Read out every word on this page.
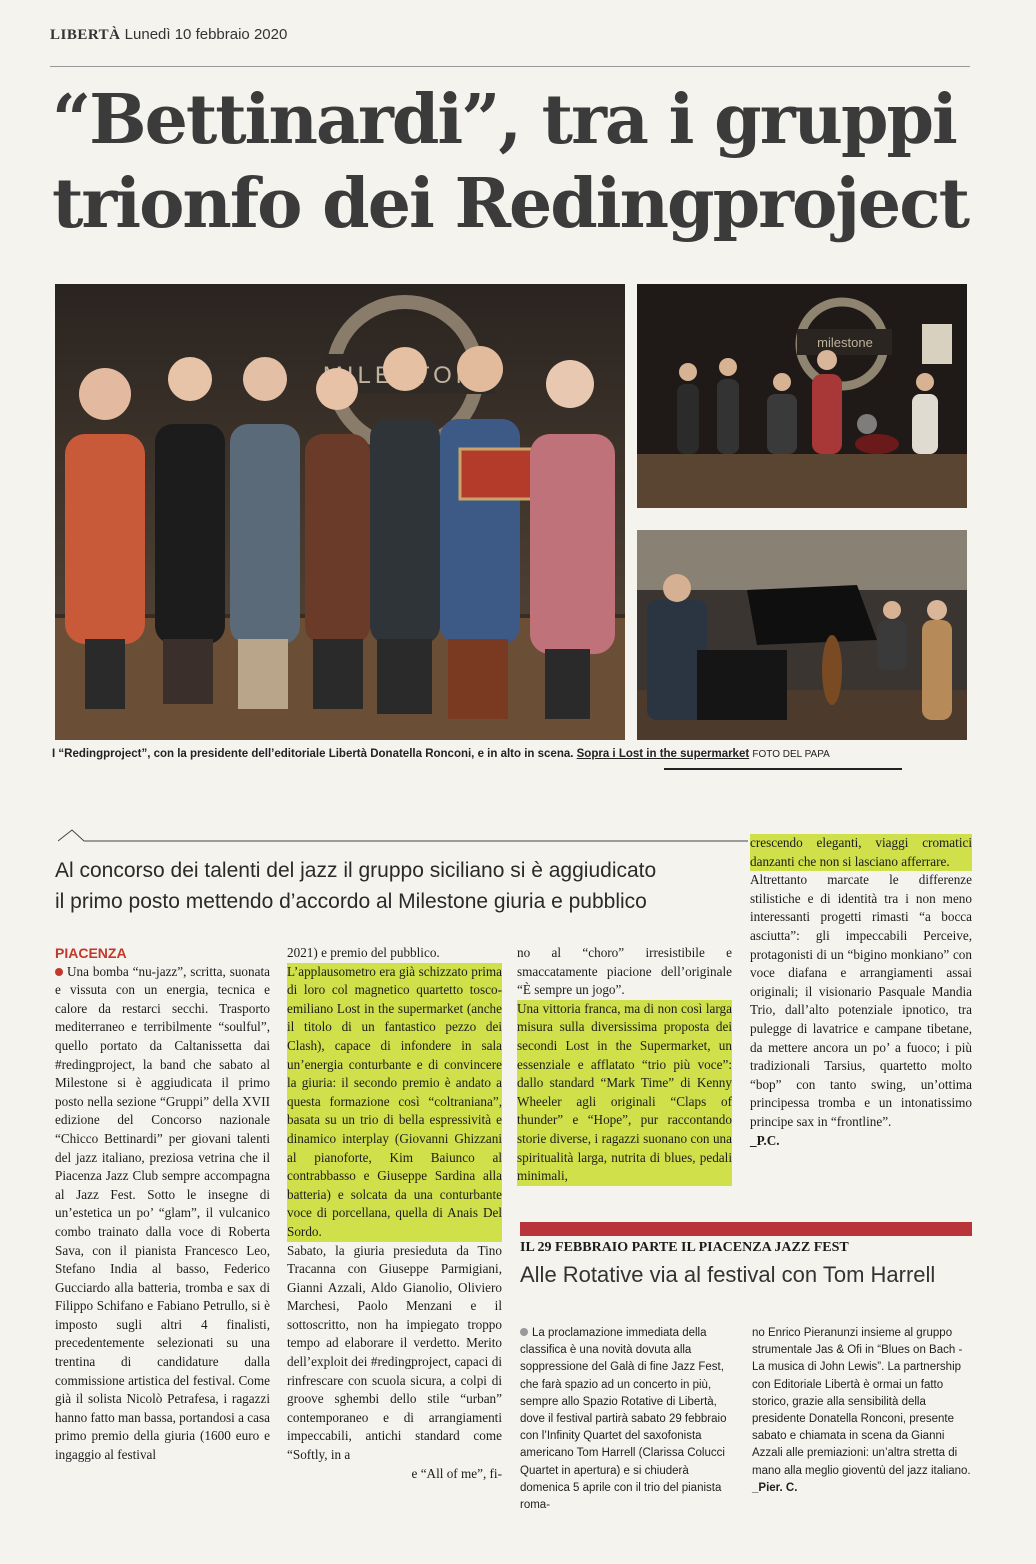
LIBERTÀ Lunedì 10 febbraio 2020
“Bettinardi”, tra i gruppi
trionfo dei Redingproject
milestone
I “Redingproject”, con la presidente dell’editoriale Libertà Donatella Ronconi, e in alto in scena. Sopra i Lost in the supermarket FOTO DEL PAPA
Al concorso dei talenti del jazz il gruppo siciliano si è aggiudicato
il primo posto mettendo d’accordo al Milestone giuria e pubblico
PIACENZA
Una bomba “nu-jazz”, scritta, suonata e vissuta con un energia, tecnica e calore da restarci secchi. Trasporto mediterraneo e terribilmente “soulful”, quello portato da Caltanissetta dai #redingproject, la band che sabato al Milestone si è aggiudicata il primo posto nella sezione “Gruppi” della XVII edizione del Concorso nazionale “Chicco Bettinardi” per giovani talenti del jazz italiano, preziosa vetrina che il Piacenza Jazz Club sempre accompagna al Jazz Fest. Sotto le insegne di un’estetica un po’ “glam”, il vulcanico combo trainato dalla voce di Roberta Sava, con il pianista Francesco Leo, Stefano India al basso, Federico Gucciardo alla batteria, tromba e sax di Filippo Schifano e Fabiano Petrullo, si è imposto sugli altri 4 finalisti, precedentemente selezionati su una trentina di candidature dalla commissione artistica del festival. Come già il solista Nicolò Petrafesa, i ragazzi hanno fatto man bassa, portandosi a casa primo premio della giuria (1600 euro e ingaggio al festival
2021) e premio del pubblico.
L’applausometro era già schizzato prima di loro col magnetico quartetto tosco-emiliano Lost in the supermarket (anche il titolo di un fantastico pezzo dei Clash), capace di infondere in sala un’energia conturbante e di convincere la giuria: il secondo premio è andato a questa formazione così “coltraniana”, basata su un trio di bella espressività e dinamico interplay (Giovanni Ghizzani al pianoforte, Kim Baiunco al contrabbasso e Giuseppe Sardina alla batteria) e solcata da una conturbante voce di porcellana, quella di Anais Del Sordo.
Sabato, la giuria presieduta da Tino Tracanna con Giuseppe Parmigiani, Gianni Azzali, Aldo Gianolio, Oliviero Marchesi, Paolo Menzani e il sottoscritto, non ha impiegato troppo tempo ad elaborare il verdetto. Merito dell’exploit dei #redingproject, capaci di rinfrescare con scuola sicura, a colpi di groove sghembi dello stile “urban” contemporaneo e di arrangiamenti impeccabili, antichi standard come “Softly, in a
e “All of me”, fi-
no al “choro” irresistibile e smaccatamente piacione dell’originale “È sempre un jogo”.
Una vittoria franca, ma di non così larga misura sulla diversissima proposta dei secondi Lost in the Supermarket, un essenziale e afflatato “trio più voce”: dallo standard “Mark Time” di Kenny Wheeler agli originali “Claps of thunder” e “Hope”, pur raccontando storie diverse, i ragazzi suonano con una spiritualità larga, nutrita di blues, pedali minimali,
crescendo eleganti, viaggi cromatici danzanti che non si lasciano afferrare.
Altrettanto marcate le differenze stilistiche e di identità tra i non meno interessanti progetti rimasti “a bocca asciutta”: gli impeccabili Perceive, protagonisti di un “bigino monkiano” con voce diafana e arrangiamenti assai originali; il visionario Pasquale Mandia Trio, dall’alto potenziale ipnotico, tra pulegge di lavatrice e campane tibetane, da mettere ancora un po’ a fuoco; i più tradizionali Tarsius, quartetto molto “bop” con tanto swing, un’ottima principessa tromba e un intonatissimo principe sax in “frontline”.
_P.C.
IL 29 FEBBRAIO PARTE IL PIACENZA JAZZ FEST
Alle Rotative via al festival con Tom Harrell
La proclamazione immediata della classifica è una novità dovuta alla soppressione del Galà di fine Jazz Fest, che farà spazio ad un concerto in più, sempre allo Spazio Rotative di Libertà, dove il festival partirà sabato 29 febbraio con l’Infinity Quartet del saxofonista americano Tom Harrell (Clarissa Colucci Quartet in apertura) e si chiuderà domenica 5 aprile con il trio del pianista roma-
no Enrico Pieranunzi insieme al gruppo strumentale Jas & Ofi in “Blues on Bach - La musica di John Lewis”. La partnership con Editoriale Libertà è ormai un fatto storico, grazie alla sensibilità della presidente Donatella Ronconi, presente sabato e chiamata in scena da Gianni Azzali alle premiazioni: un’altra stretta di mano alla meglio gioventù del jazz italiano. _Pier. C.
